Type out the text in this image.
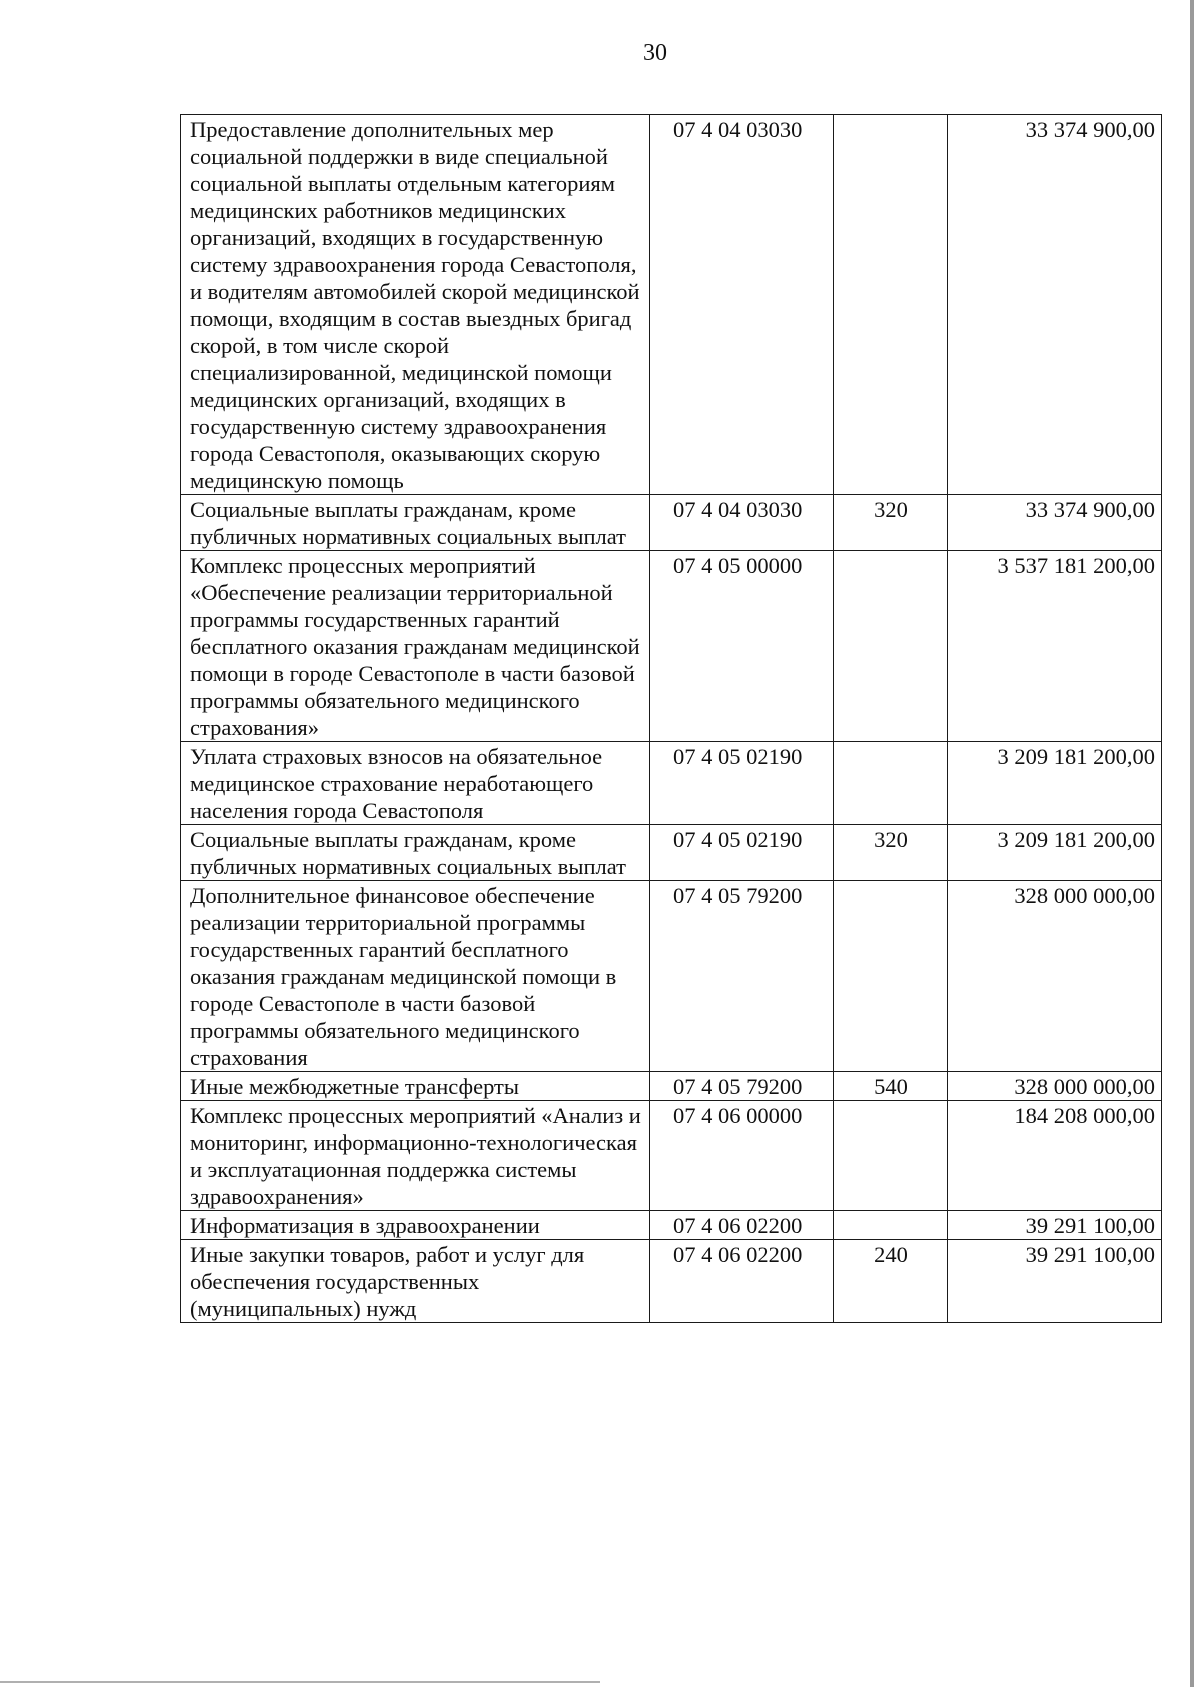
30
Предоставление дополнительных мер социальной поддержки в виде специальной социальной выплаты отдельным категориям медицинских работников медицинских организаций, входящих в государственную систему здравоохранения города Севастополя, и водителям автомобилей скорой медицинской помощи, входящим в состав выездных бригад скорой, в том числе скорой специализированной, медицинской помощи медицинских организаций, входящих в государственную систему здравоохранения города Севастополя, оказывающих скорую медицинскую помощь	07 4 04 03030		33 374 900,00
Социальные выплаты гражданам, кроме публичных нормативных социальных выплат	07 4 04 03030	320	33 374 900,00
Комплекс процессных мероприятий «Обеспечение реализации территориальной программы государственных гарантий бесплатного оказания гражданам медицинской помощи в городе Севастополе в части базовой программы обязательного медицинского страхования»	07 4 05 00000		3 537 181 200,00
Уплата страховых взносов на обязательное медицинское страхование неработающего населения города Севастополя	07 4 05 02190		3 209 181 200,00
Социальные выплаты гражданам, кроме публичных нормативных социальных выплат	07 4 05 02190	320	3 209 181 200,00
Дополнительное финансовое обеспечение реализации территориальной программы государственных гарантий бесплатного оказания гражданам медицинской помощи в городе Севастополе в части базовой программы обязательного медицинского страхования	07 4 05 79200		328 000 000,00
Иные межбюджетные трансферты	07 4 05 79200	540	328 000 000,00
Комплекс процессных мероприятий «Анализ и мониторинг, информационно-технологическая и эксплуатационная поддержка системы здравоохранения»	07 4 06 00000		184 208 000,00
Информатизация в здравоохранении	07 4 06 02200		39 291 100,00
Иные закупки товаров, работ и услуг для обеспечения государственных (муниципальных) нужд	07 4 06 02200	240	39 291 100,00
